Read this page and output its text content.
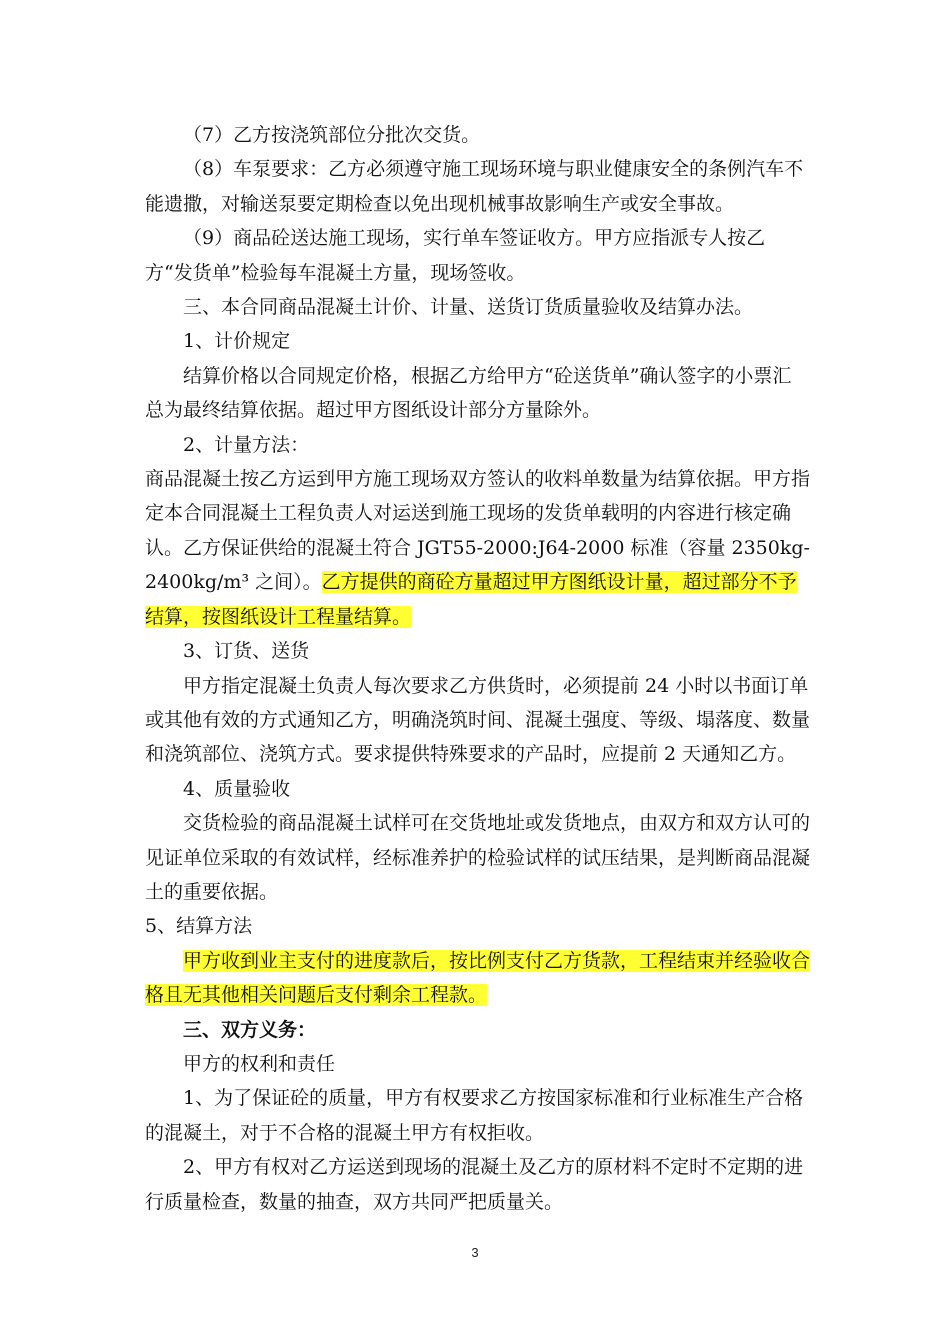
（7）乙方按浇筑部位分批次交货。

（8）车泵要求：乙方必须遵守施工现场环境与职业健康安全的条例汽车不能遗撒，对输送泵要定期检查以免出现机械事故影响生产或安全事故。

（9）商品砼送达施工现场，实行单车签证收方。甲方应指派专人按乙方“发货单”检验每车混凝土方量，现场签收。

三、本合同商品混凝土计价、计量、送货订货质量验收及结算办法。

1、计价规定

结算价格以合同规定价格，根据乙方给甲方“砼送货单”确认签字的小票汇总为最终结算依据。超过甲方图纸设计部分方量除外。

2、计量方法：

商品混凝土按乙方运到甲方施工现场双方签认的收料单数量为结算依据。甲方指定本合同混凝土工程负责人对运送到施工现场的发货单载明的内容进行核定确认。乙方保证供给的混凝土符合 JGT55-2000:J64-2000 标准（容量 2350kg-2400kg/m³ 之间）。乙方提供的商砼方量超过甲方图纸设计量，超过部分不予结算，按图纸设计工程量结算。

3、订货、送货

甲方指定混凝土负责人每次要求乙方供货时，必须提前 24 小时以书面订单或其他有效的方式通知乙方，明确浇筑时间、混凝土强度、等级、塌落度、数量和浇筑部位、浇筑方式。要求提供特殊要求的产品时，应提前 2 天通知乙方。

4、质量验收

交货检验的商品混凝土试样可在交货地址或发货地点，由双方和双方认可的见证单位采取的有效试样，经标准养护的检验试样的试压结果，是判断商品混凝土的重要依据。

5、结算方法

甲方收到业主支付的进度款后，按比例支付乙方货款，工程结束并经验收合格且无其他相关问题后支付剩余工程款。

三、双方义务：

甲方的权利和责任

1、为了保证砼的质量，甲方有权要求乙方按国家标准和行业标准生产合格的混凝土，对于不合格的混凝土甲方有权拒收。

2、甲方有权对乙方运送到现场的混凝土及乙方的原材料不定时不定期的进行质量检查，数量的抽查，双方共同严把质量关。

3
